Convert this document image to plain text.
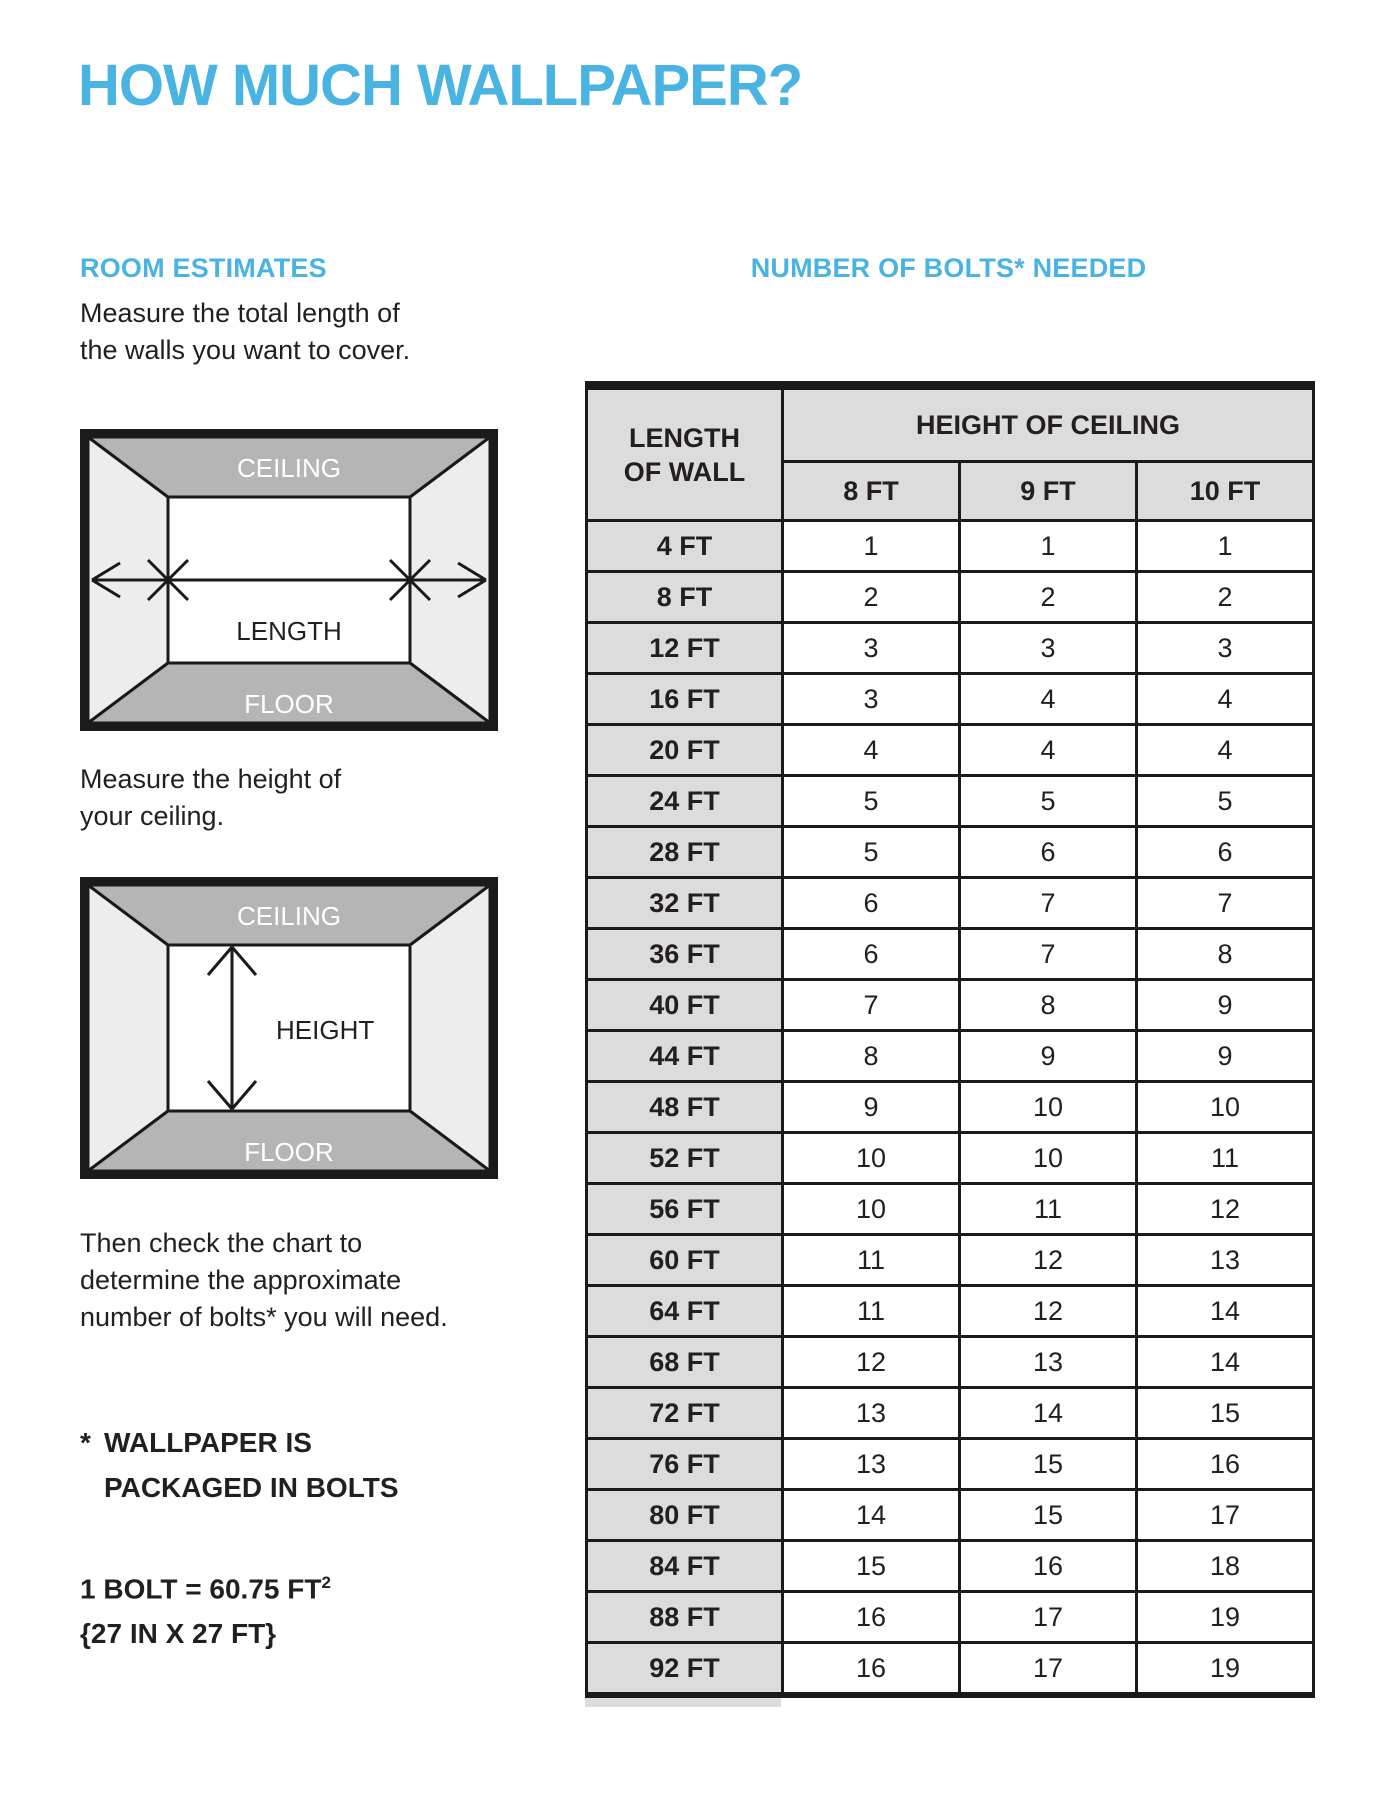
HOW MUCH WALLPAPER?
ROOM ESTIMATES

Measure the total length of
the walls you want to cover.

CEILING
FLOOR
LENGTH

Measure the height of
your ceiling.

CEILING
FLOOR
HEIGHT

Then check the chart to
determine the approximate
number of bolts* you will need.

* WALLPAPER IS
PACKAGED IN BOLTS
1 BOLT = 60.75 $FT^2$
{27 IN X 27 FT}
NUMBER OF BOLTS* NEEDED
LENGTH
OF WALL	HEIGHT OF CEILING		
	8 FT	9 FT	10 FT
4 FT	1	1	1
8 FT	2	2	2
12 FT	3	3	3
16 FT	3	4	4
20 FT	4	4	4
24 FT	5	5	5
28 FT	5	6	6
32 FT	6	7	7
36 FT	6	7	8
40 FT	7	8	9
44 FT	8	9	9
48 FT	9	10	10
52 FT	10	10	11
56 FT	10	11	12
60 FT	11	12	13
64 FT	11	12	14
68 FT	12	13	14
72 FT	13	14	15
76 FT	13	15	16
80 FT	14	15	17
84 FT	15	16	18
88 FT	16	17	19
92 FT	16	17	19
